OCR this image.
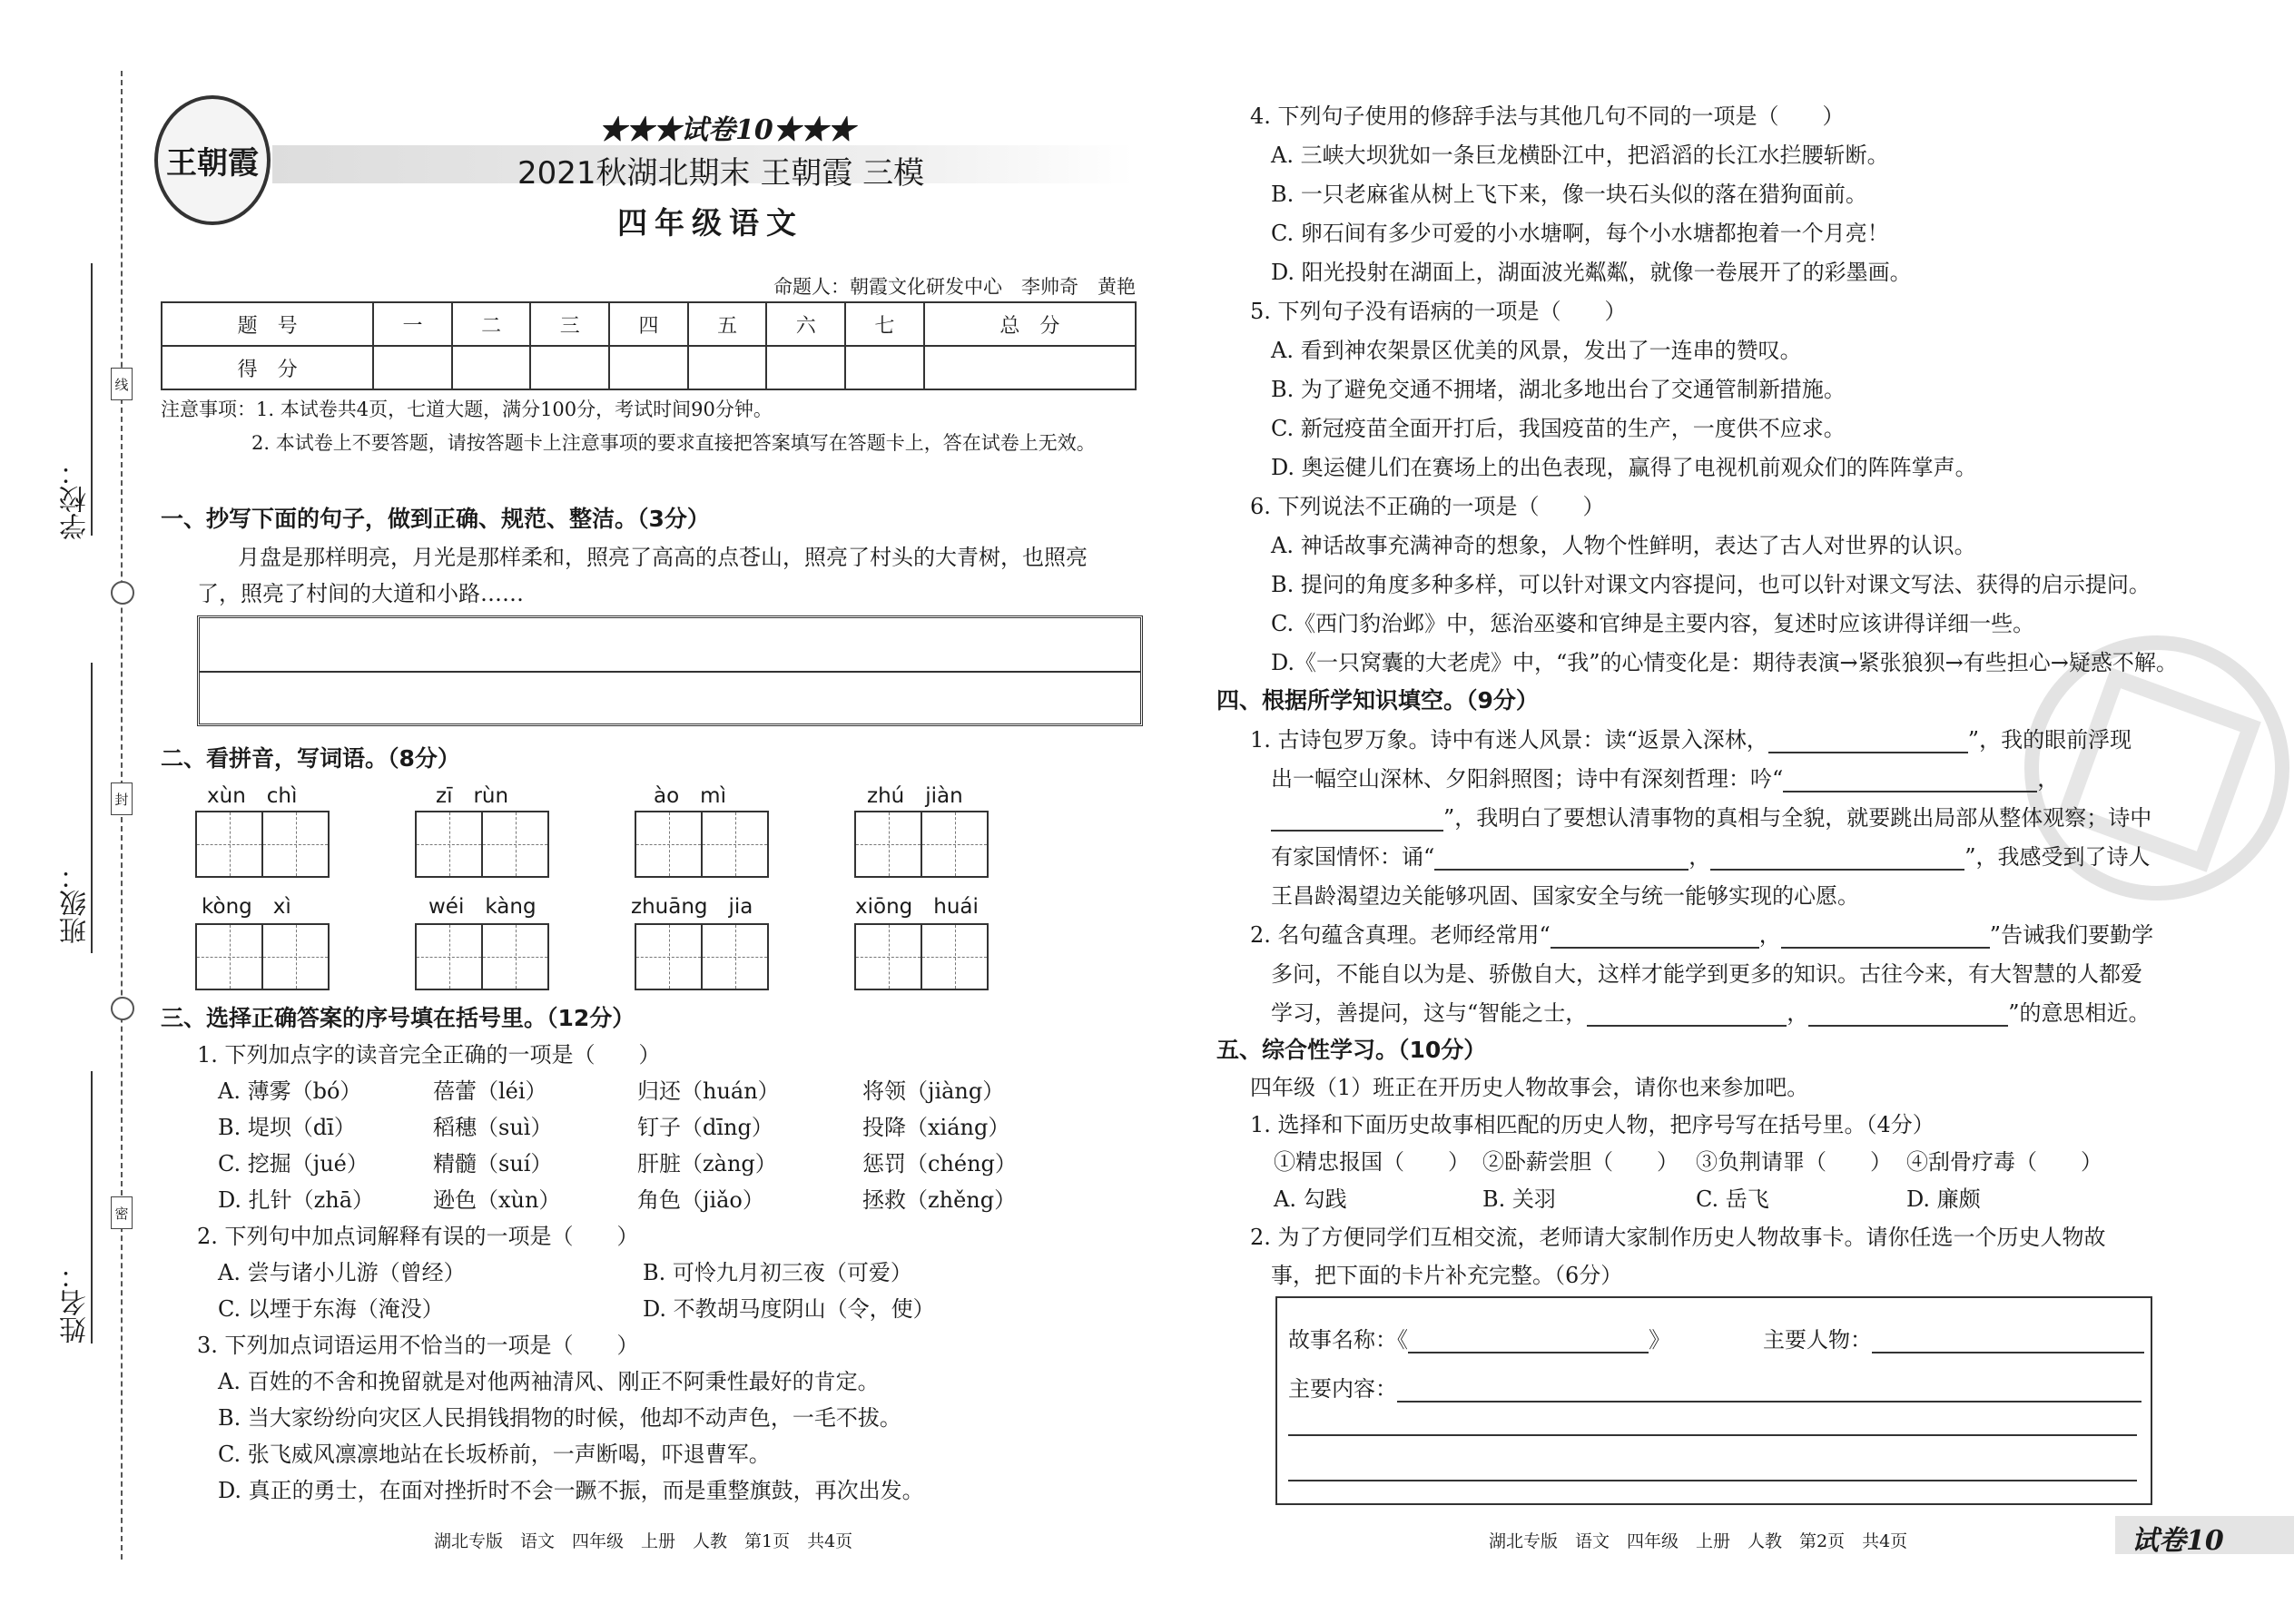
线
封
密
学校：
班级：
姓名：
王朝霞
★★★试卷10★★★
2021秋湖北期末 王朝霞 三模
四年级语文
命题人：朝霞文化研发中心　李帅奇　黄艳
题　号	一	二	三	四	五	六	七	总　分
得　分								
注意事项：1. 本试卷共4页，七道大题，满分100分，考试时间90分钟。
2. 本试卷上不要答题，请按答题卡上注意事项的要求直接把答案填写在答题卡上，答在试卷上无效。
一、抄写下面的句子，做到正确、规范、整洁。（3分）
月盘是那样明亮，月光是那样柔和，照亮了高高的点苍山，照亮了村头的大青树，也照亮
了，照亮了村间的大道和小路……
二、看拼音，写词语。（8分）
xùn　chì	zī　rùn	ào　mì	zhú　jiàn
kòng　xì	wéi　kàng	zhuāng　jia	xiōng　huái
三、选择正确答案的序号填在括号里。（12分）
1. 下列加点字的读音完全正确的一项是（　　）
A. 薄雾（bó）	蓓蕾（léi）	归还（huán）	将领（jiàng）
B. 堤坝（dī）	稻穗（suì）	钉子（dīng）	投降（xiáng）
C. 挖掘（jué）	精髓（suí）	肝脏（zàng）	惩罚（chéng）
D. 扎针（zhā）	逊色（xùn）	角色（jiǎo）	拯救（zhěng）
2. 下列句中加点词解释有误的一项是（　　）
A. 尝与诸小儿游（曾经）	B. 可怜九月初三夜（可爱）
C. 以堙于东海（淹没）	D. 不教胡马度阴山（令，使）
3. 下列加点词语运用不恰当的一项是（　　）
A. 百姓的不舍和挽留就是对他两袖清风、刚正不阿秉性最好的肯定。
B. 当大家纷纷向灾区人民捐钱捐物的时候，他却不动声色，一毛不拔。
C. 张飞威风凛凛地站在长坂桥前，一声断喝，吓退曹军。
D. 真正的勇士，在面对挫折时不会一蹶不振，而是重整旗鼓，再次出发。
4. 下列句子使用的修辞手法与其他几句不同的一项是（　　）
A. 三峡大坝犹如一条巨龙横卧江中，把滔滔的长江水拦腰斩断。
B. 一只老麻雀从树上飞下来，像一块石头似的落在猎狗面前。
C. 卵石间有多少可爱的小水塘啊，每个小水塘都抱着一个月亮！
D. 阳光投射在湖面上，湖面波光粼粼，就像一卷展开了的彩墨画。
5. 下列句子没有语病的一项是（　　）
A. 看到神农架景区优美的风景，发出了一连串的赞叹。
B. 为了避免交通不拥堵，湖北多地出台了交通管制新措施。
C. 新冠疫苗全面开打后，我国疫苗的生产，一度供不应求。
D. 奥运健儿们在赛场上的出色表现，赢得了电视机前观众们的阵阵掌声。
6. 下列说法不正确的一项是（　　）
A. 神话故事充满神奇的想象，人物个性鲜明，表达了古人对世界的认识。
B. 提问的角度多种多样，可以针对课文内容提问，也可以针对课文写法、获得的启示提问。
C.《西门豹治邺》中，惩治巫婆和官绅是主要内容，复述时应该讲得详细一些。
D.《一只窝囊的大老虎》中，“我”的心情变化是：期待表演→紧张狼狈→有些担心→疑惑不解。
四、根据所学知识填空。（9分）
1. 古诗包罗万象。诗中有迷人风景：读“返景入深林，	”，我的眼前浮现
出一幅空山深林、夕阳斜照图；诗中有深刻哲理：吟“	，
”，我明白了要想认清事物的真相与全貌，就要跳出局部从整体观察；诗中
有家国情怀：诵“	，	”，我感受到了诗人
王昌龄渴望边关能够巩固、国家安全与统一能够实现的心愿。
2. 名句蕴含真理。老师经常用“	，	”告诫我们要勤学
多问，不能自以为是、骄傲自大，这样才能学到更多的知识。古往今来，有大智慧的人都爱
学习，善提问，这与“智能之士，	，	”的意思相近。
五、综合性学习。（10分）
四年级（1）班正在开历史人物故事会，请你也来参加吧。
1. 选择和下面历史故事相匹配的历史人物，把序号写在括号里。（4分）
①精忠报国（　　） ②卧薪尝胆（　　） ③负荆请罪（　　） ④刮骨疗毒（　　）
A. 勾践	B. 关羽	C. 岳飞	D. 廉颇
2. 为了方便同学们互相交流，老师请大家制作历史人物故事卡。请你任选一个历史人物故
事，把下面的卡片补充完整。（6分）
故事名称：《	》	主要人物：
主要内容：
湖北专版　语文　四年级　上册　人教　第1页　共4页	湖北专版　语文　四年级　上册　人教　第2页　共4页	试卷10
